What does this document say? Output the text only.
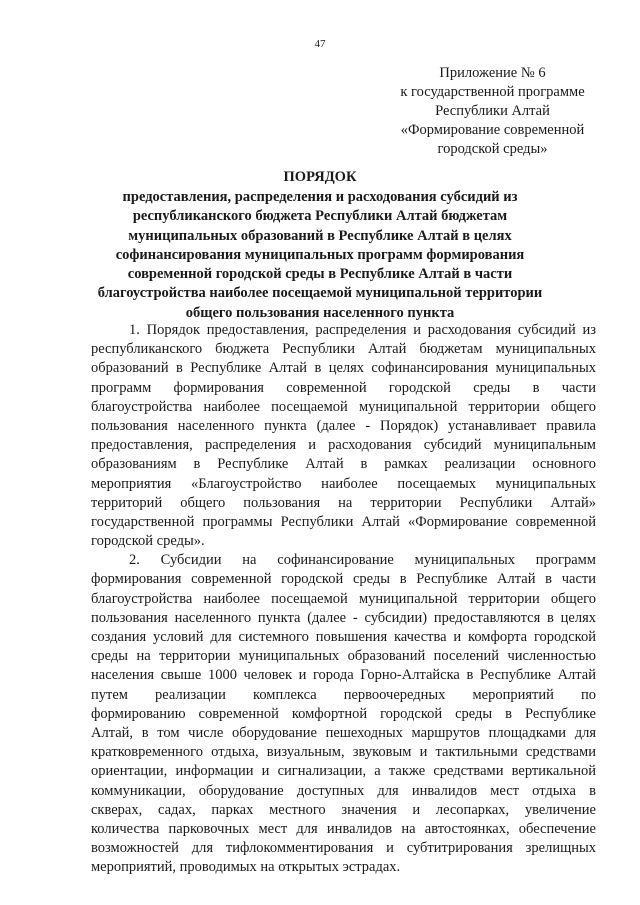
47
Приложение № 6
к государственной программе
Республики Алтай
«Формирование современной
городской среды»
ПОРЯДОК
предоставления, распределения и расходования субсидий из
республиканского бюджета Республики Алтай бюджетам
муниципальных образований в Республике Алтай в целях
софинансирования муниципальных программ формирования
современной городской среды в Республике Алтай в части
благоустройства наиболее посещаемой муниципальной территории
общего пользования населенного пункта
1. Порядок предоставления, распределения и расходования субсидий из
республиканского бюджета Республики Алтай бюджетам муниципальных
образований в Республике Алтай в целях софинансирования муниципальных
программ формирования современной городской среды в части
благоустройства наиболее посещаемой муниципальной территории общего
пользования населенного пункта (далее - Порядок) устанавливает правила
предоставления, распределения и расходования субсидий муниципальным
образованиям в Республике Алтай в рамках реализации основного
мероприятия «Благоустройство наиболее посещаемых муниципальных
территорий общего пользования на территории Республики Алтай»
государственной программы Республики Алтай «Формирование современной
городской среды».
2. Субсидии на софинансирование муниципальных программ
формирования современной городской среды в Республике Алтай в части
благоустройства наиболее посещаемой муниципальной территории общего
пользования населенного пункта (далее - субсидии) предоставляются в целях
создания условий для системного повышения качества и комфорта городской
среды на территории муниципальных образований поселений численностью
населения свыше 1000 человек и города Горно-Алтайска в Республике Алтай
путем реализации комплекса первоочередных мероприятий по
формированию современной комфортной городской среды в Республике
Алтай, в том числе оборудование пешеходных маршрутов площадками для
кратковременного отдыха, визуальным, звуковым и тактильными средствами
ориентации, информации и сигнализации, а также средствами вертикальной
коммуникации, оборудование доступных для инвалидов мест отдыха в
скверах, садах, парках местного значения и лесопарках, увеличение
количества парковочных мест для инвалидов на автостоянках, обеспечение
возможностей для тифлокомментирования и субтитрирования зрелищных
мероприятий, проводимых на открытых эстрадах.
